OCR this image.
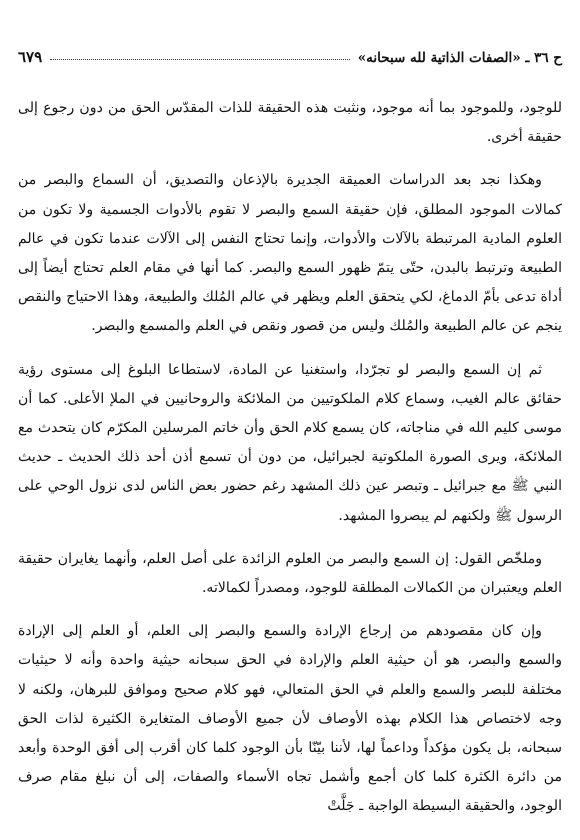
ح ٣٦ ـ «الصفات الذاتية لله سبحانه»
٦٧٩

للوجود، وللموجود بما أنه موجود، ونثبت هذه الحقيقة للذات المقدّس الحق من دون رجوع إلى حقيقة أخرى.

وهكذا نجد بعد الدراسات العميقة الجديرة بالإذعان والتصديق، أن السماع والبصر من كمالات الموجود المطلق، فإن حقيقة السمع والبصر لا تقوم بالأدوات الجسمية ولا تكون من العلوم المادية المرتبطة بالآلات والأدوات، وإنما تحتاج النفس إلى الآلات عندما تكون في عالم الطبيعة وترتبط بالبدن، حتّى يتمّ ظهور السمع والبصر. كما أنها في مقام العلم تحتاج أيضاً إلى أداة تدعى بأمّ الدماغ، لكي يتحقق العلم ويظهر في عالم المُلك والطبيعة، وهذا الاحتياج والنقص ينجم عن عالم الطبيعة والمُلك وليس من قصور ونقص في العلم والمسمع والبصر.

ثم إن السمع والبصر لو تجرّدا، واستغنيا عن المادة، لاستطاعا البلوغ إلى مستوى رؤية حقائق عالم الغيب، وسماع كلام الملكوتيين من الملائكة والروحانيين في الملإ الأعلى. كما أن موسى كليم الله في مناجاته، كان يسمع كلام الحق وأن خاتم المرسلين المكرّم كان يتحدث مع الملائكة، ويرى الصورة الملكوتية لجبرائيل، من دون أن تسمع أذن أحد ذلك الحديث ـ حديث النبي ﷺ مع جبرائيل ـ وتبصر عين ذلك المشهد رغم حضور بعض الناس لدى نزول الوحي على الرسول ﷺ ولكنهم لم يبصروا المشهد.

وملخّص القول: إن السمع والبصر من العلوم الزائدة على أصل العلم، وأنهما يغايران حقيقة العلم ويعتبران من الكمالات المطلقة للوجود، ومصدراً لكمالاته.

وإن كان مقصودهم من إرجاع الإرادة والسمع والبصر إلى العلم، أو العلم إلى الإرادة والسمع والبصر، هو أن حيثية العلم والإرادة في الحق سبحانه حيثية واحدة وأنه لا حيثيات مختلفة للبصر والسمع والعلم في الحق المتعالي، فهو كلام صحيح وموافق للبرهان، ولكنه لا وجه لاختصاص هذا الكلام بهذه الأوصاف لأن جميع الأوصاف المتغايرة الكثيرة لذات الحق سبحانه، بل يكون مؤكداً وداعماً لها، لأننا بيّنّا بأن الوجود كلما كان أقرب إلى أفق الوحدة وأبعد من دائرة الكثرة كلما كان أجمع وأشمل تجاه الأسماء والصفات، إلى أن نبلغ مقام صرف الوجود، والحقيقة البسيطة الواجبة ـ جَلَّتْ
